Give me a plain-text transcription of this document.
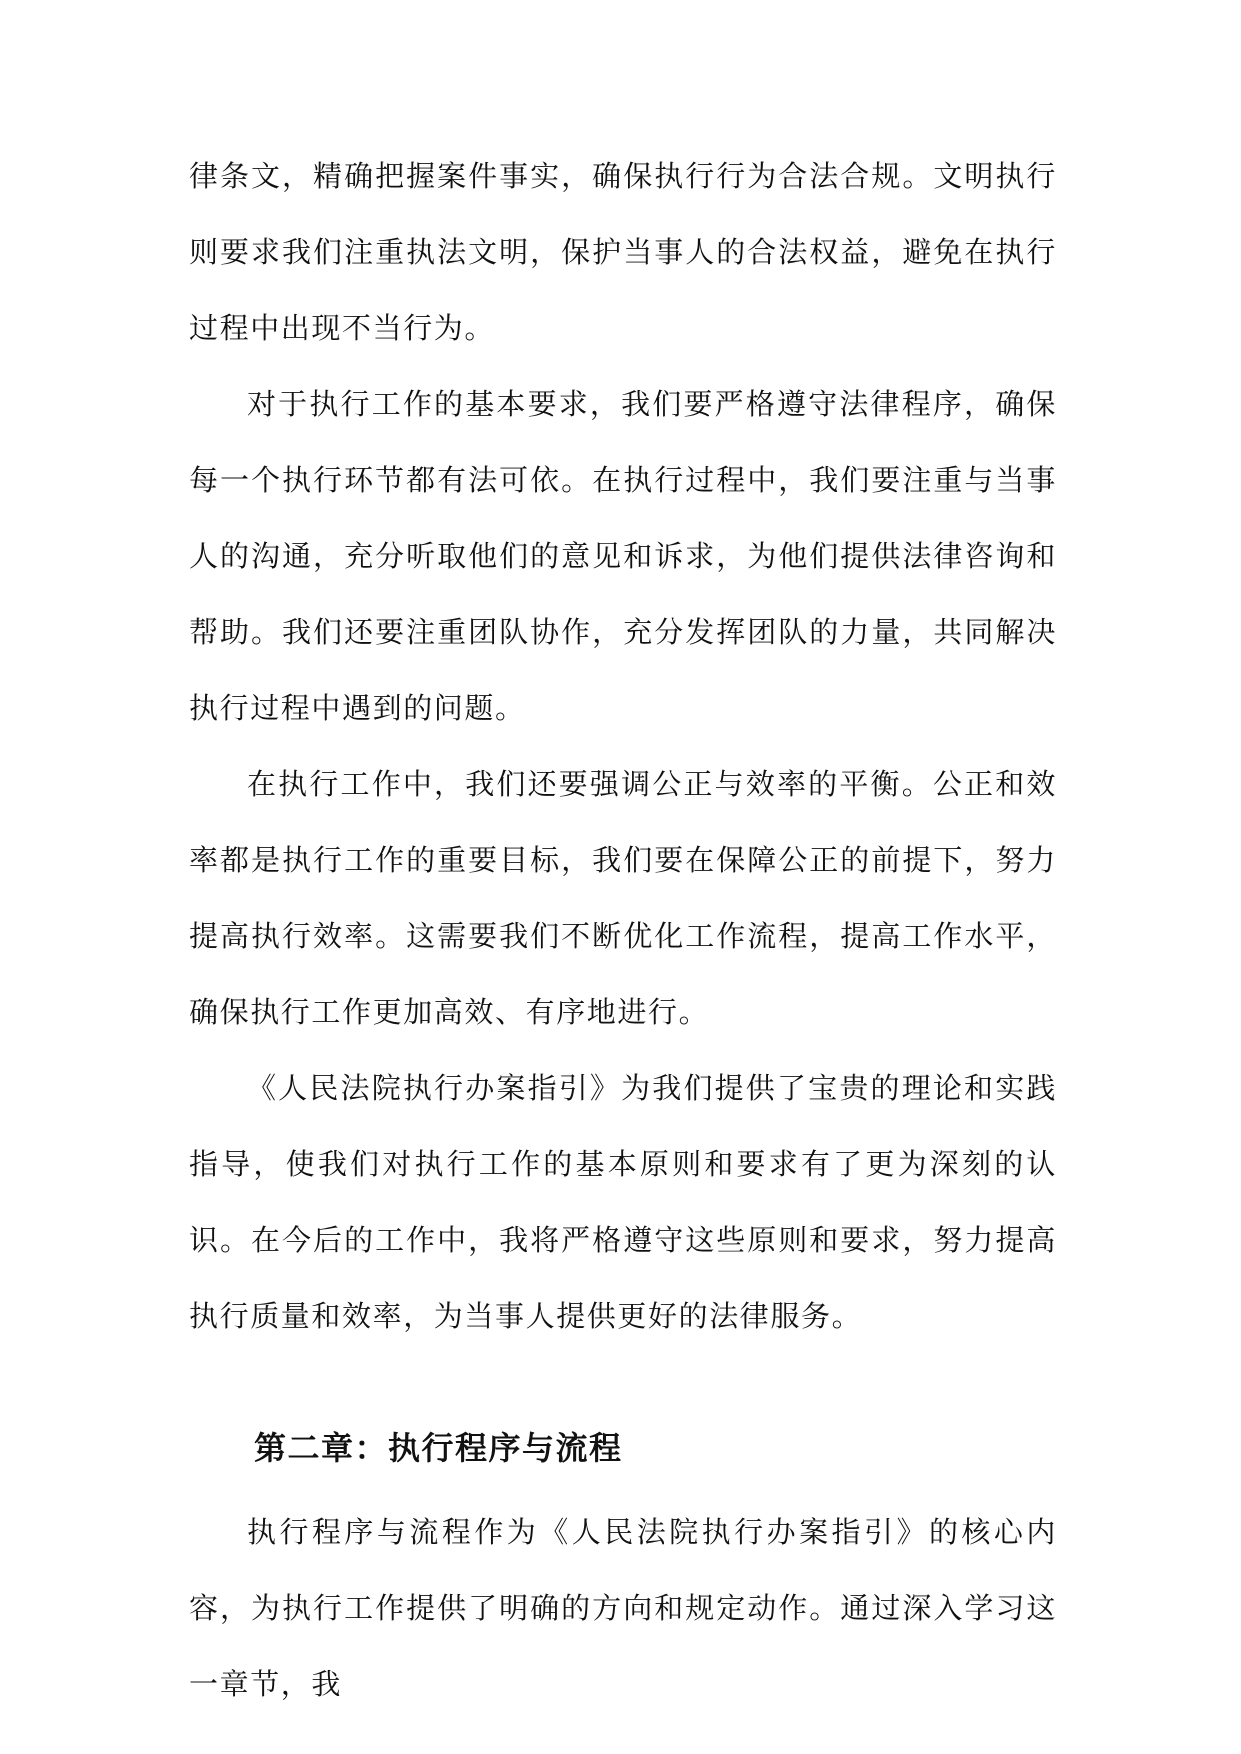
律条文，精确把握案件事实，确保执行行为合法合规。文明执行则要求我们注重执法文明，保护当事人的合法权益，避免在执行过程中出现不当行为。

对于执行工作的基本要求，我们要严格遵守法律程序，确保每一个执行环节都有法可依。在执行过程中，我们要注重与当事人的沟通，充分听取他们的意见和诉求，为他们提供法律咨询和帮助。我们还要注重团队协作，充分发挥团队的力量，共同解决执行过程中遇到的问题。

在执行工作中，我们还要强调公正与效率的平衡。公正和效率都是执行工作的重要目标，我们要在保障公正的前提下，努力提高执行效率。这需要我们不断优化工作流程，提高工作水平，确保执行工作更加高效、有序地进行。

《人民法院执行办案指引》为我们提供了宝贵的理论和实践指导，使我们对执行工作的基本原则和要求有了更为深刻的认识。在今后的工作中，我将严格遵守这些原则和要求，努力提高执行质量和效率，为当事人提供更好的法律服务。

第二章：执行程序与流程

执行程序与流程作为《人民法院执行办案指引》的核心内容，为执行工作提供了明确的方向和规定动作。通过深入学习这一章节，我
